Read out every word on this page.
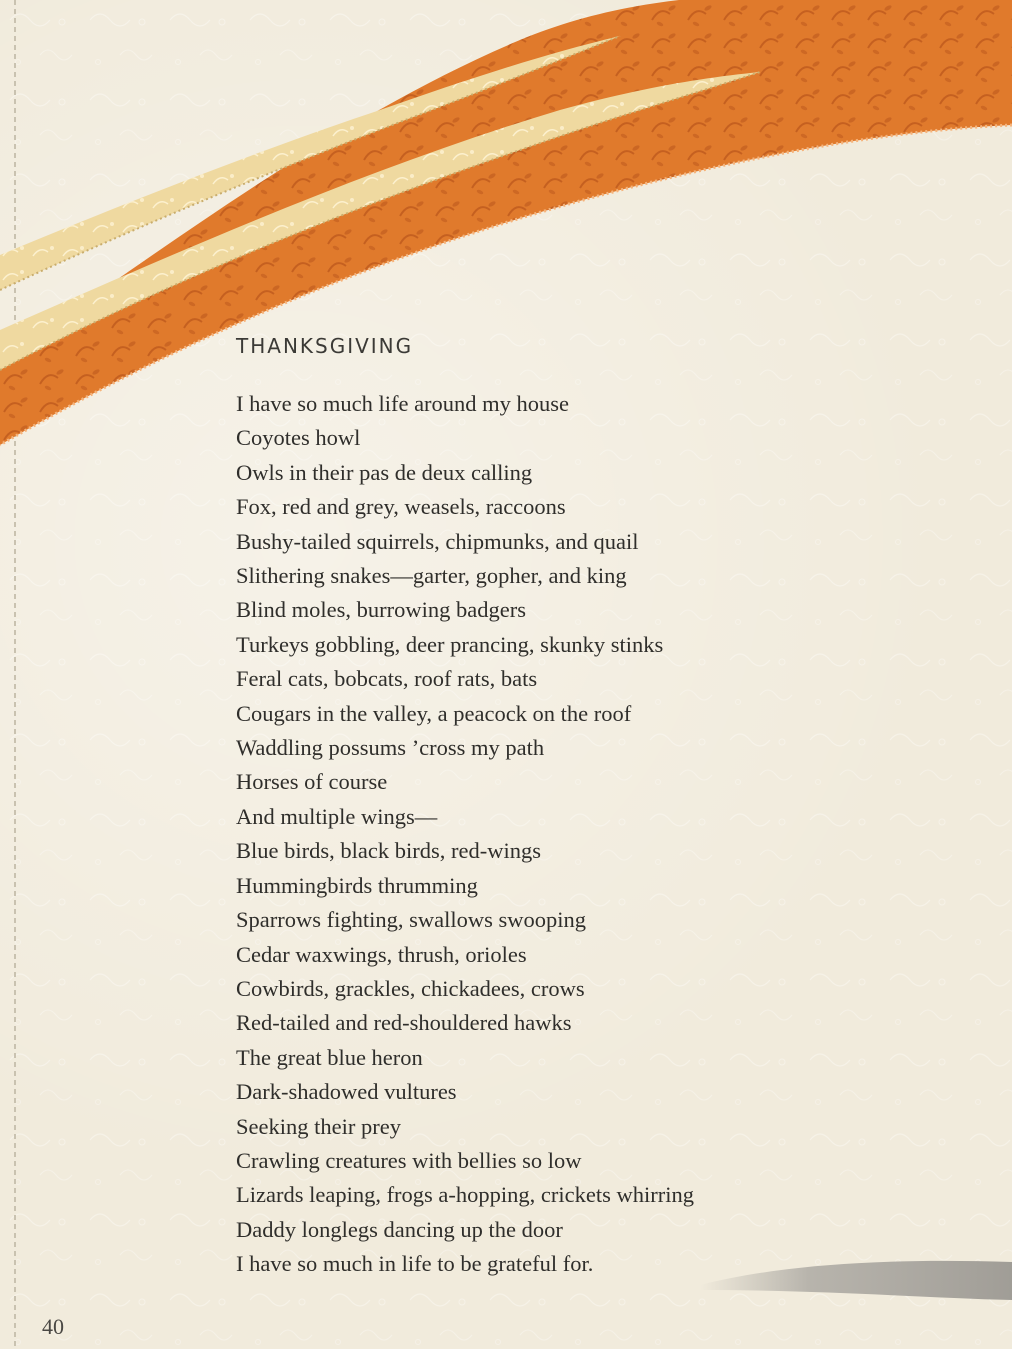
THANKSGIVING
I have so much life around my house
Coyotes howl
Owls in their pas de deux calling
Fox, red and grey, weasels, raccoons
Bushy-tailed squirrels, chipmunks, and quail
Slithering snakes—garter, gopher, and king
Blind moles, burrowing badgers
Turkeys gobbling, deer prancing, skunky stinks
Feral cats, bobcats, roof rats, bats
Cougars in the valley, a peacock on the roof
Waddling possums ’cross my path
Horses of course
And multiple wings—
Blue birds, black birds, red-wings
Hummingbirds thrumming
Sparrows fighting, swallows swooping
Cedar waxwings, thrush, orioles
Cowbirds, grackles, chickadees, crows
Red-tailed and red-shouldered hawks
The great blue heron
Dark-shadowed vultures
Seeking their prey
Crawling creatures with bellies so low
Lizards leaping, frogs a-hopping, crickets whirring
Daddy longlegs dancing up the door
I have so much in life to be grateful for.
40
